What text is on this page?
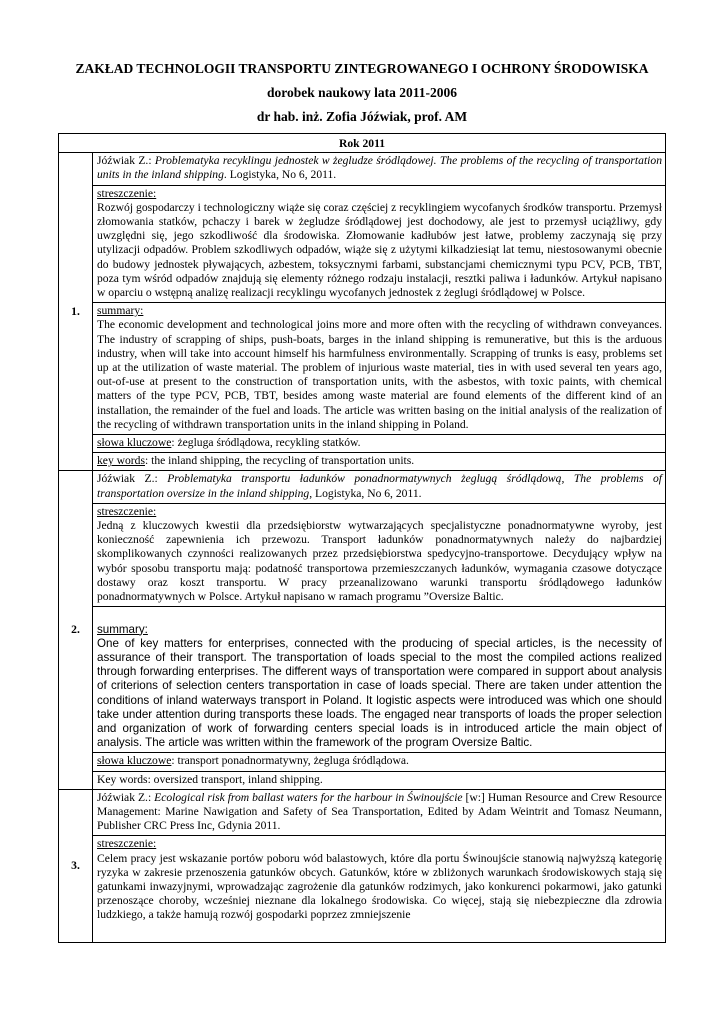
ZAKŁAD TECHNOLOGII TRANSPORTU ZINTEGROWANEGO I OCHRONY ŚRODOWISKA

dorobek naukowy lata 2011-2006

dr hab. inż. Zofia Jóźwiak, prof. AM

Rok 2011	
1.	Jóźwiak Z.: Problematyka recyklingu jednostek w żegludze śródlądowej. The problems of the recycling of transportation units in the inland shipping. Logistyka, No 6, 2011.
	streszczenie:
Rozwój gospodarczy i technologiczny wiąże się coraz częściej z recyklingiem wycofanych środków transportu. Przemysł złomowania statków, pchaczy i barek w żegludze śródlądowej jest dochodowy, ale jest to przemysł uciążliwy, gdy uwzględni się, jego szkodliwość dla środowiska. Złomowanie kadłubów jest łatwe, problemy zaczynają się przy utylizacji odpadów. Problem szkodliwych odpadów, wiąże się z użytymi kilkadziesiąt lat temu, niestosowanymi obecnie do budowy jednostek pływających, azbestem, toksycznymi farbami, substancjami chemicznymi typu PCV, PCB, TBT, poza tym wśród odpadów znajdują się elementy różnego rodzaju instalacji, resztki paliwa i ładunków. Artykuł napisano w oparciu o wstępną analizę realizacji recyklingu wycofanych jednostek z żeglugi śródlądowej w Polsce.
	summary:
The economic development and technological joins more and more often with the recycling of withdrawn conveyances. The industry of scrapping of ships, push-boats, barges in the inland shipping is remunerative, but this is the arduous industry, when will take into account himself his harmfulness environmentally. Scrapping of trunks is easy, problems set up at the utilization of waste material. The problem of injurious waste material, ties in with used several ten years ago, out-of-use at present to the construction of transportation units, with the asbestos, with toxic paints, with chemical matters of the type PCV, PCB, TBT, besides among waste material are found elements of the different kind of an installation, the remainder of the fuel and loads. The article was written basing on the initial analysis of the realization of the recycling of withdrawn transportation units in the inland shipping in Poland.
	słowa kluczowe: żegluga śródlądowa, recykling statków.
	key words: the inland shipping, the recycling of transportation units.
2.	Jóźwiak Z.: Problematyka transportu ładunków ponadnormatywnych żeglugą śródlądową, The problems of transportation oversize in the inland shipping, Logistyka, No 6, 2011.
	streszczenie:
Jedną z kluczowych kwestii dla przedsiębiorstw wytwarzających specjalistyczne ponadnormatywne wyroby, jest konieczność zapewnienia ich przewozu. Transport ładunków ponadnormatywnych należy do najbardziej skomplikowanych czynności realizowanych przez przedsiębiorstwa spedycyjno-transportowe. Decydujący wpływ na wybór sposobu transportu mają: podatność transportowa przemieszczanych ładunków, wymagania czasowe dotyczące dostawy oraz koszt transportu. W pracy przeanalizowano warunki transportu śródlądowego ładunków ponadnormatywnych w Polsce. Artykuł napisano w ramach programu ”Oversize Baltic.

summary:
One of key matters for enterprises, connected with the producing of special articles, is the necessity of assurance of their transport. The transportation of loads special to the most the compiled actions realized through forwarding enterprises. The different ways of transportation were compared in support about analysis of criterions of selection centers transportation in case of loads special. There are taken under attention the conditions of inland waterways transport in Poland. It logistic aspects were introduced was which one should take under attention during transports these loads. The engaged near transports of loads the proper selection and organization of work of forwarding centers special loads is in introduced article the main object of analysis. The article was written within the framework of the program Oversize Baltic.
	słowa kluczowe: transport ponadnormatywny, żegluga śródlądowa.
	Key words: oversized transport, inland shipping.
3.	Jóźwiak Z.: Ecological risk from ballast waters for the harbour in Świnoujście [w:] Human Resource and Crew Resource Management: Marine Nawigation and Safety of Sea Transportation, Edited by Adam Weintrit and Tomasz Neumann, Publisher CRC Press Inc, Gdynia 2011.

	streszczenie:
Celem pracy jest wskazanie portów poboru wód balastowych, które dla portu Świnoujście stanowią najwyższą kategorię ryzyka w zakresie przenoszenia gatunków obcych. Gatunków, które w zbliżonych warunkach środowiskowych stają się gatunkami inwazyjnymi, wprowadzając zagrożenie dla gatunków rodzimych, jako konkurenci pokarmowi, jako gatunki przenoszące choroby, wcześniej nieznane dla lokalnego środowiska. Co więcej, stają się niebezpieczne dla zdrowia ludzkiego, a także hamują rozwój gospodarki poprzez zmniejszenie
